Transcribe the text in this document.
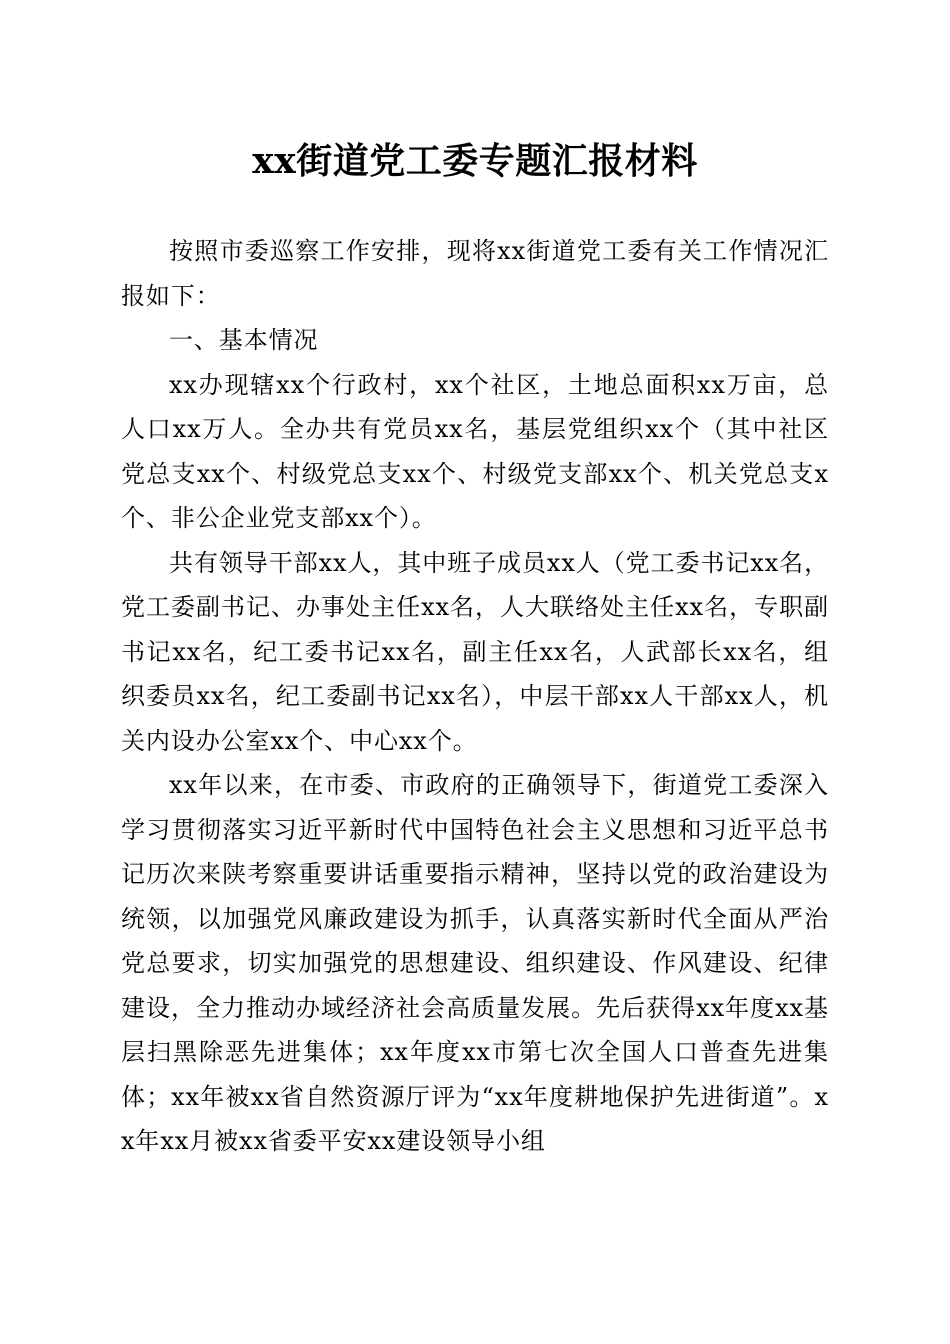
xx街道党工委专题汇报材料

按照市委巡察工作安排，现将xx街道党工委有关工作情况汇报如下：

一、基本情况

xx办现辖xx个行政村，xx个社区，土地总面积xx万亩，总人口xx万人。全办共有党员xx名，基层党组织xx个（其中社区党总支xx个、村级党总支xx个、村级党支部xx个、机关党总支x个、非公企业党支部xx个）。

共有领导干部xx人，其中班子成员xx人（党工委书记xx名，党工委副书记、办事处主任xx名，人大联络处主任xx名，专职副书记xx名，纪工委书记xx名，副主任xx名，人武部长xx名，组织委员xx名，纪工委副书记xx名），中层干部xx人干部xx人，机关内设办公室xx个、中心xx个。

xx年以来，在市委、市政府的正确领导下，街道党工委深入学习贯彻落实习近平新时代中国特色社会主义思想和习近平总书记历次来陕考察重要讲话重要指示精神，坚持以党的政治建设为统领，以加强党风廉政建设为抓手，认真落实新时代全面从严治党总要求，切实加强党的思想建设、组织建设、作风建设、纪律建设，全力推动办域经济社会高质量发展。先后获得xx年度xx基层扫黑除恶先进集体；xx年度xx市第七次全国人口普查先进集体；xx年被xx省自然资源厅评为“xx年度耕地保护先进街道”。xx年xx月被xx省委平安xx建设领导小组
